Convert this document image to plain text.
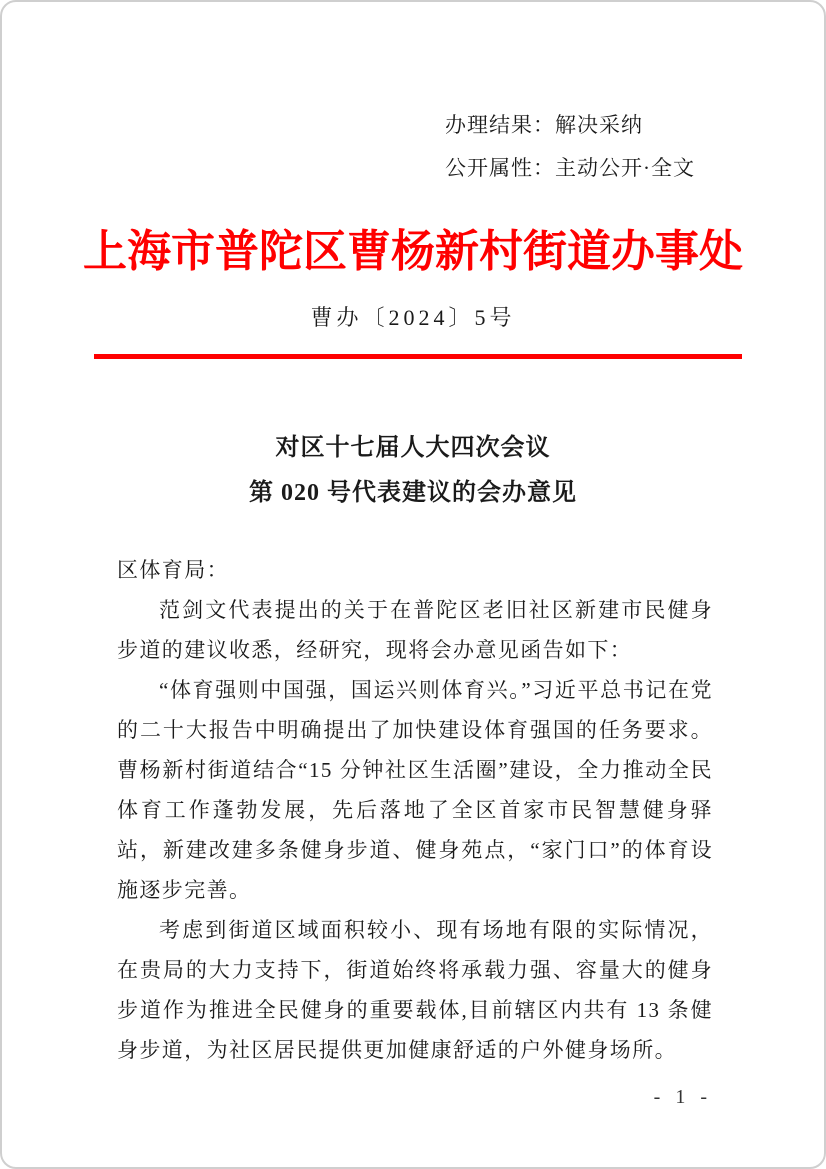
办理结果：解决采纳
公开属性：主动公开·全文
上海市普陀区曹杨新村街道办事处
曹办〔2024〕5号
对区十七届人大四次会议
第 020 号代表建议的会办意见

区体育局：

范剑文代表提出的关于在普陀区老旧社区新建市民健身步道的建议收悉，经研究，现将会办意见函告如下：

“体育强则中国强，国运兴则体育兴。”习近平总书记在党的二十大报告中明确提出了加快建设体育强国的任务要求。曹杨新村街道结合“15 分钟社区生活圈”建设，全力推动全民体育工作蓬勃发展，先后落地了全区首家市民智慧健身驿站，新建改建多条健身步道、健身苑点，“家门口”的体育设施逐步完善。

考虑到街道区域面积较小、现有场地有限的实际情况，在贵局的大力支持下，街道始终将承载力强、容量大的健身步道作为推进全民健身的重要载体,目前辖区内共有 13 条健身步道，为社区居民提供更加健康舒适的户外健身场所。

- 1 -
